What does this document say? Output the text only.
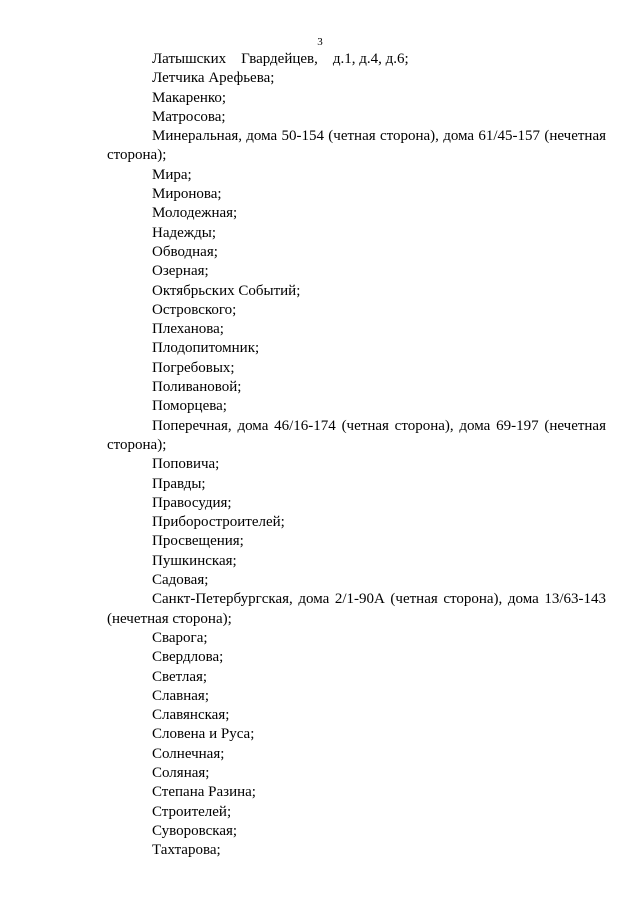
3

Латышских    Гвардейцев,    д.1, д.4, д.6;

Летчика Арефьева;

Макаренко;

Матросова;

Минеральная, дома 50-154 (четная сторона), дома 61/45-157 (нечетная сторона);

Мира;

Миронова;

Молодежная;

Надежды;

Обводная;

Озерная;

Октябрьских Событий;

Островского;

Плеханова;

Плодопитомник;

Погребовых;

Поливановой;

Поморцева;

Поперечная, дома 46/16-174 (четная сторона), дома 69-197 (нечетная сторона);

Поповича;

Правды;

Правосудия;

Приборостроителей;

Просвещения;

Пушкинская;

Садовая;

Санкт-Петербургская, дома 2/1-90А (четная сторона), дома 13/63-143 (нечетная сторона);

Сварога;

Свердлова;

Светлая;

Славная;

Славянская;

Словена и Руса;

Солнечная;

Соляная;

Степана Разина;

Строителей;

Суворовская;

Тахтарова;
